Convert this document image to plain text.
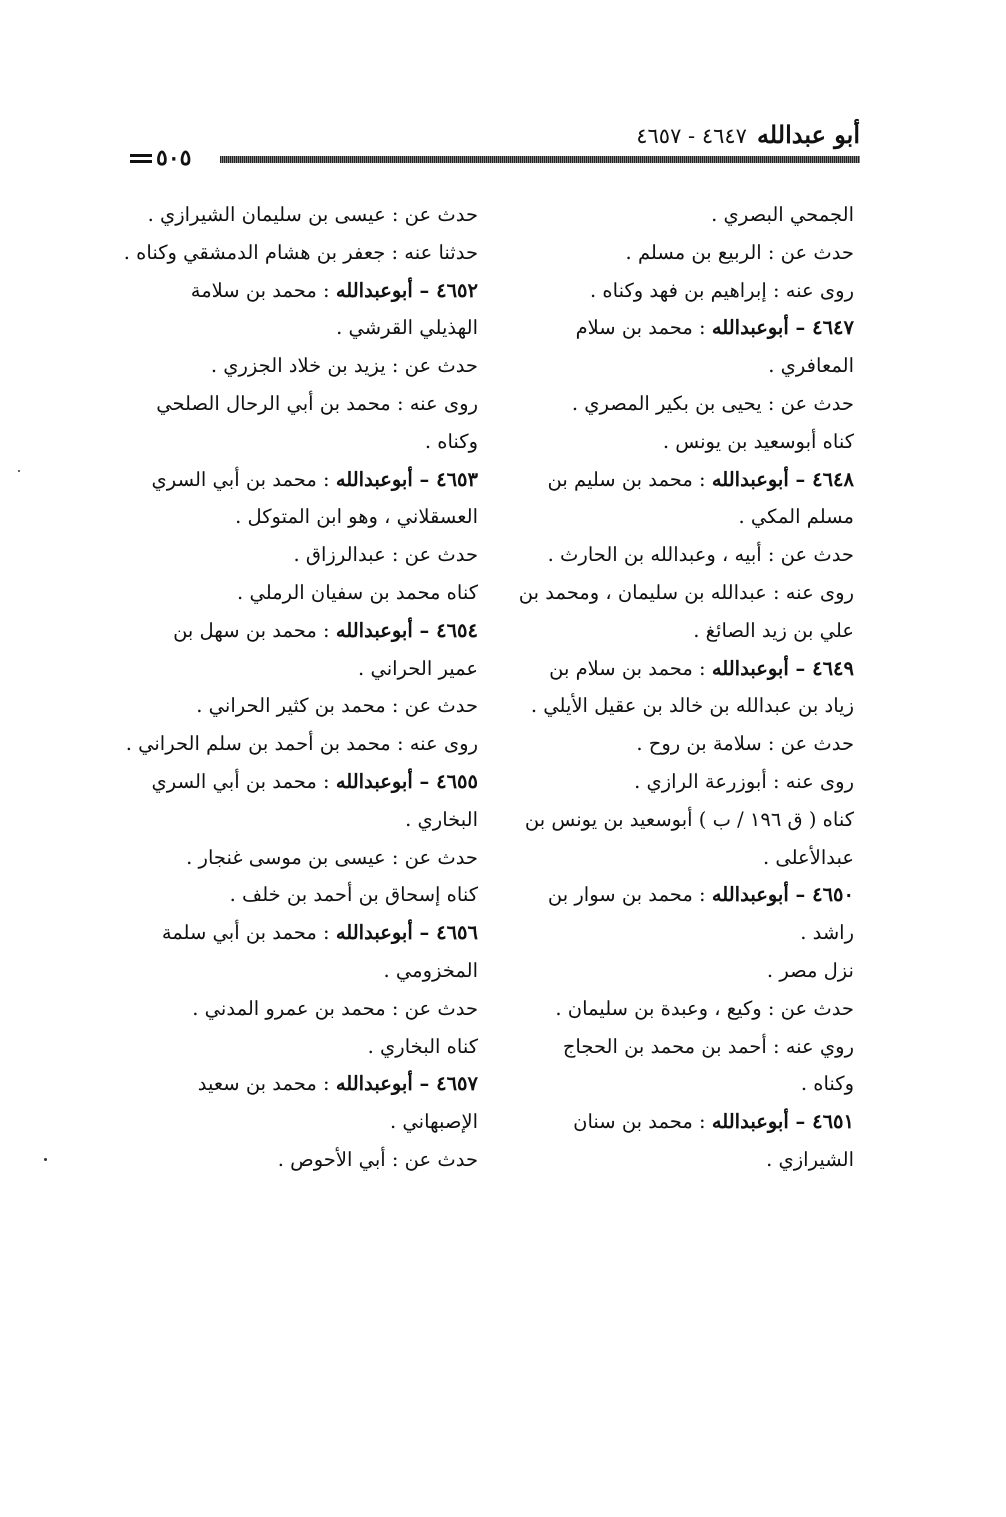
أبو عبدالله٤٦٤٧ - ٤٦٥٧
٥٠٥
الجمحي البصري .
حدث عن : الربيع بن مسلم .
روى عنه : إبراهيم بن فهد وكناه .
٤٦٤٧ – أبوعبدالله : محمد بن سلام
المعافري .
حدث عن : يحيى بن بكير المصري .
كناه أبوسعيد بن يونس .
٤٦٤٨ – أبوعبدالله : محمد بن سليم بن
مسلم المكي .
حدث عن : أبيه ، وعبدالله بن الحارث .
روى عنه : عبدالله بن سليمان ، ومحمد بن
علي بن زيد الصائغ .
٤٦٤٩ – أبوعبدالله : محمد بن سلام بن
زياد بن عبدالله بن خالد بن عقيل الأيلي .
حدث عن : سلامة بن روح .
روى عنه : أبوزرعة الرازي .
كناه ( ق ١٩٦ / ب ) أبوسعيد بن يونس بن
عبدالأعلى .
٤٦٥٠ – أبوعبدالله : محمد بن سوار بن
راشد .
نزل مصر .
حدث عن : وكيع ، وعبدة بن سليمان .
روي عنه : أحمد بن محمد بن الحجاج
وكناه .
٤٦٥١ – أبوعبدالله : محمد بن سنان
الشيرازي .
حدث عن : عيسى بن سليمان الشيرازي .
حدثنا عنه : جعفر بن هشام الدمشقي وكناه .
٤٦٥٢ – أبوعبدالله : محمد بن سلامة
الهذيلي القرشي .
حدث عن : يزيد بن خلاد الجزري .
روى عنه : محمد بن أبي الرحال الصلحي
وكناه .
٤٦٥٣ – أبوعبدالله : محمد بن أبي السري
العسقلاني ، وهو ابن المتوكل .
حدث عن : عبدالرزاق .
كناه محمد بن سفيان الرملي .
٤٦٥٤ – أبوعبدالله : محمد بن سهل بن
عمير الحراني .
حدث عن : محمد بن كثير الحراني .
روى عنه : محمد بن أحمد بن سلم الحراني .
٤٦٥٥ – أبوعبدالله : محمد بن أبي السري
البخاري .
حدث عن : عيسى بن موسى غنجار .
كناه إسحاق بن أحمد بن خلف .
٤٦٥٦ – أبوعبدالله : محمد بن أبي سلمة
المخزومي .
حدث عن : محمد بن عمرو المدني .
كناه البخاري .
٤٦٥٧ – أبوعبدالله : محمد بن سعيد
الإصبهاني .
حدث عن : أبي الأحوص .
